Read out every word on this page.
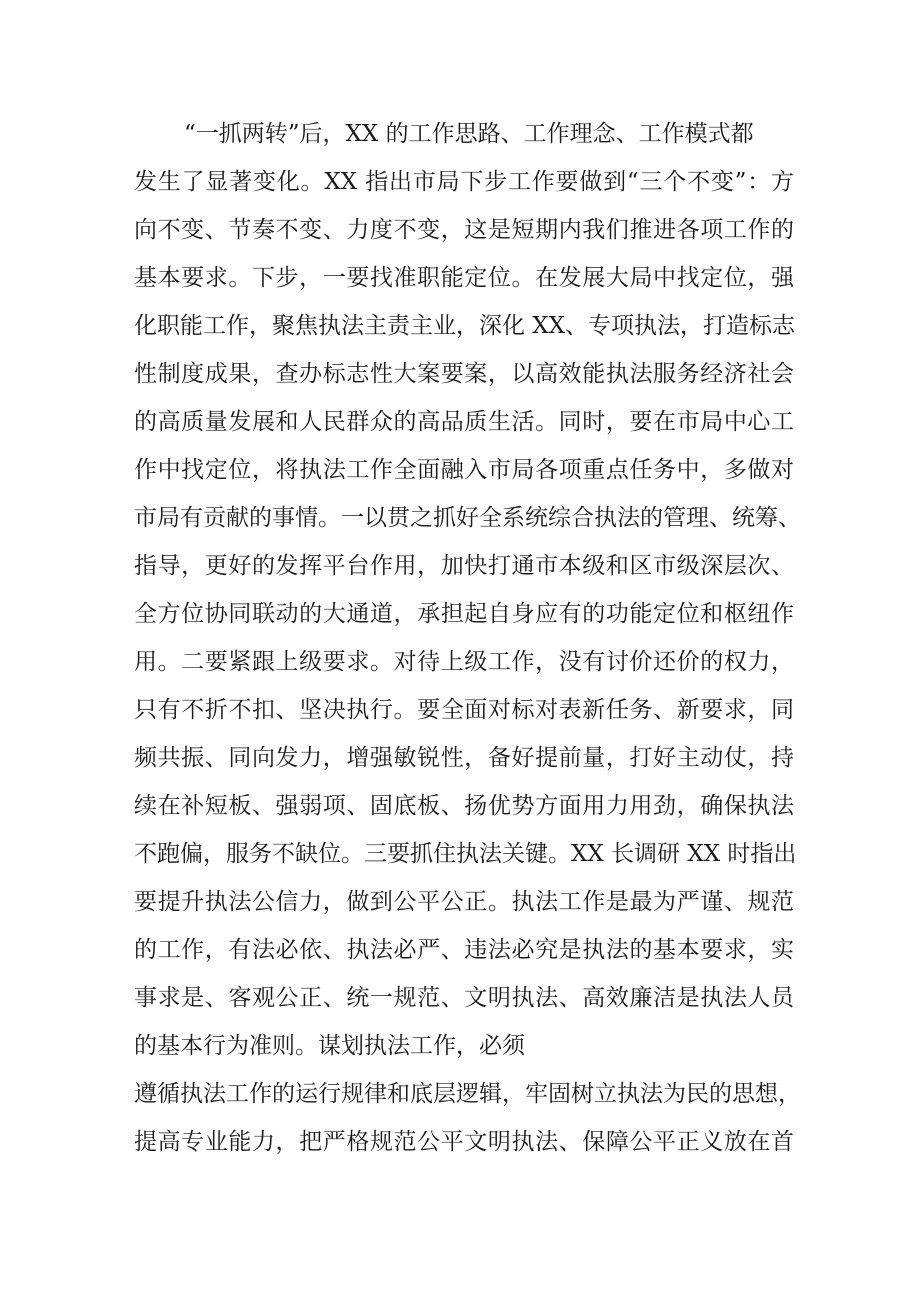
“一抓两转”后，XX 的工作思路、工作理念、工作模式都
发生了显著变化。XX 指出市局下步工作要做到“三个不变”：方
向不变、节奏不变、力度不变，这是短期内我们推进各项工作的
基本要求。下步，一要找准职能定位。在发展大局中找定位，强
化职能工作，聚焦执法主责主业，深化 XX、专项执法，打造标志
性制度成果，查办标志性大案要案，以高效能执法服务经济社会
的高质量发展和人民群众的高品质生活。同时，要在市局中心工
作中找定位，将执法工作全面融入市局各项重点任务中，多做对
市局有贡献的事情。一以贯之抓好全系统综合执法的管理、统筹、
指导，更好的发挥平台作用，加快打通市本级和区市级深层次、
全方位协同联动的大通道，承担起自身应有的功能定位和枢纽作
用。二要紧跟上级要求。对待上级工作，没有讨价还价的权力，
只有不折不扣、坚决执行。要全面对标对表新任务、新要求，同
频共振、同向发力，增强敏锐性，备好提前量，打好主动仗，持
续在补短板、强弱项、固底板、扬优势方面用力用劲，确保执法
不跑偏，服务不缺位。三要抓住执法关键。XX 长调研 XX 时指出
要提升执法公信力，做到公平公正。执法工作是最为严谨、规范
的工作，有法必依、执法必严、违法必究是执法的基本要求，实
事求是、客观公正、统一规范、文明执法、高效廉洁是执法人员
的基本行为准则。谋划执法工作，必须
遵循执法工作的运行规律和底层逻辑，牢固树立执法为民的思想，
提高专业能力，把严格规范公平文明执法、保障公平正义放在首
